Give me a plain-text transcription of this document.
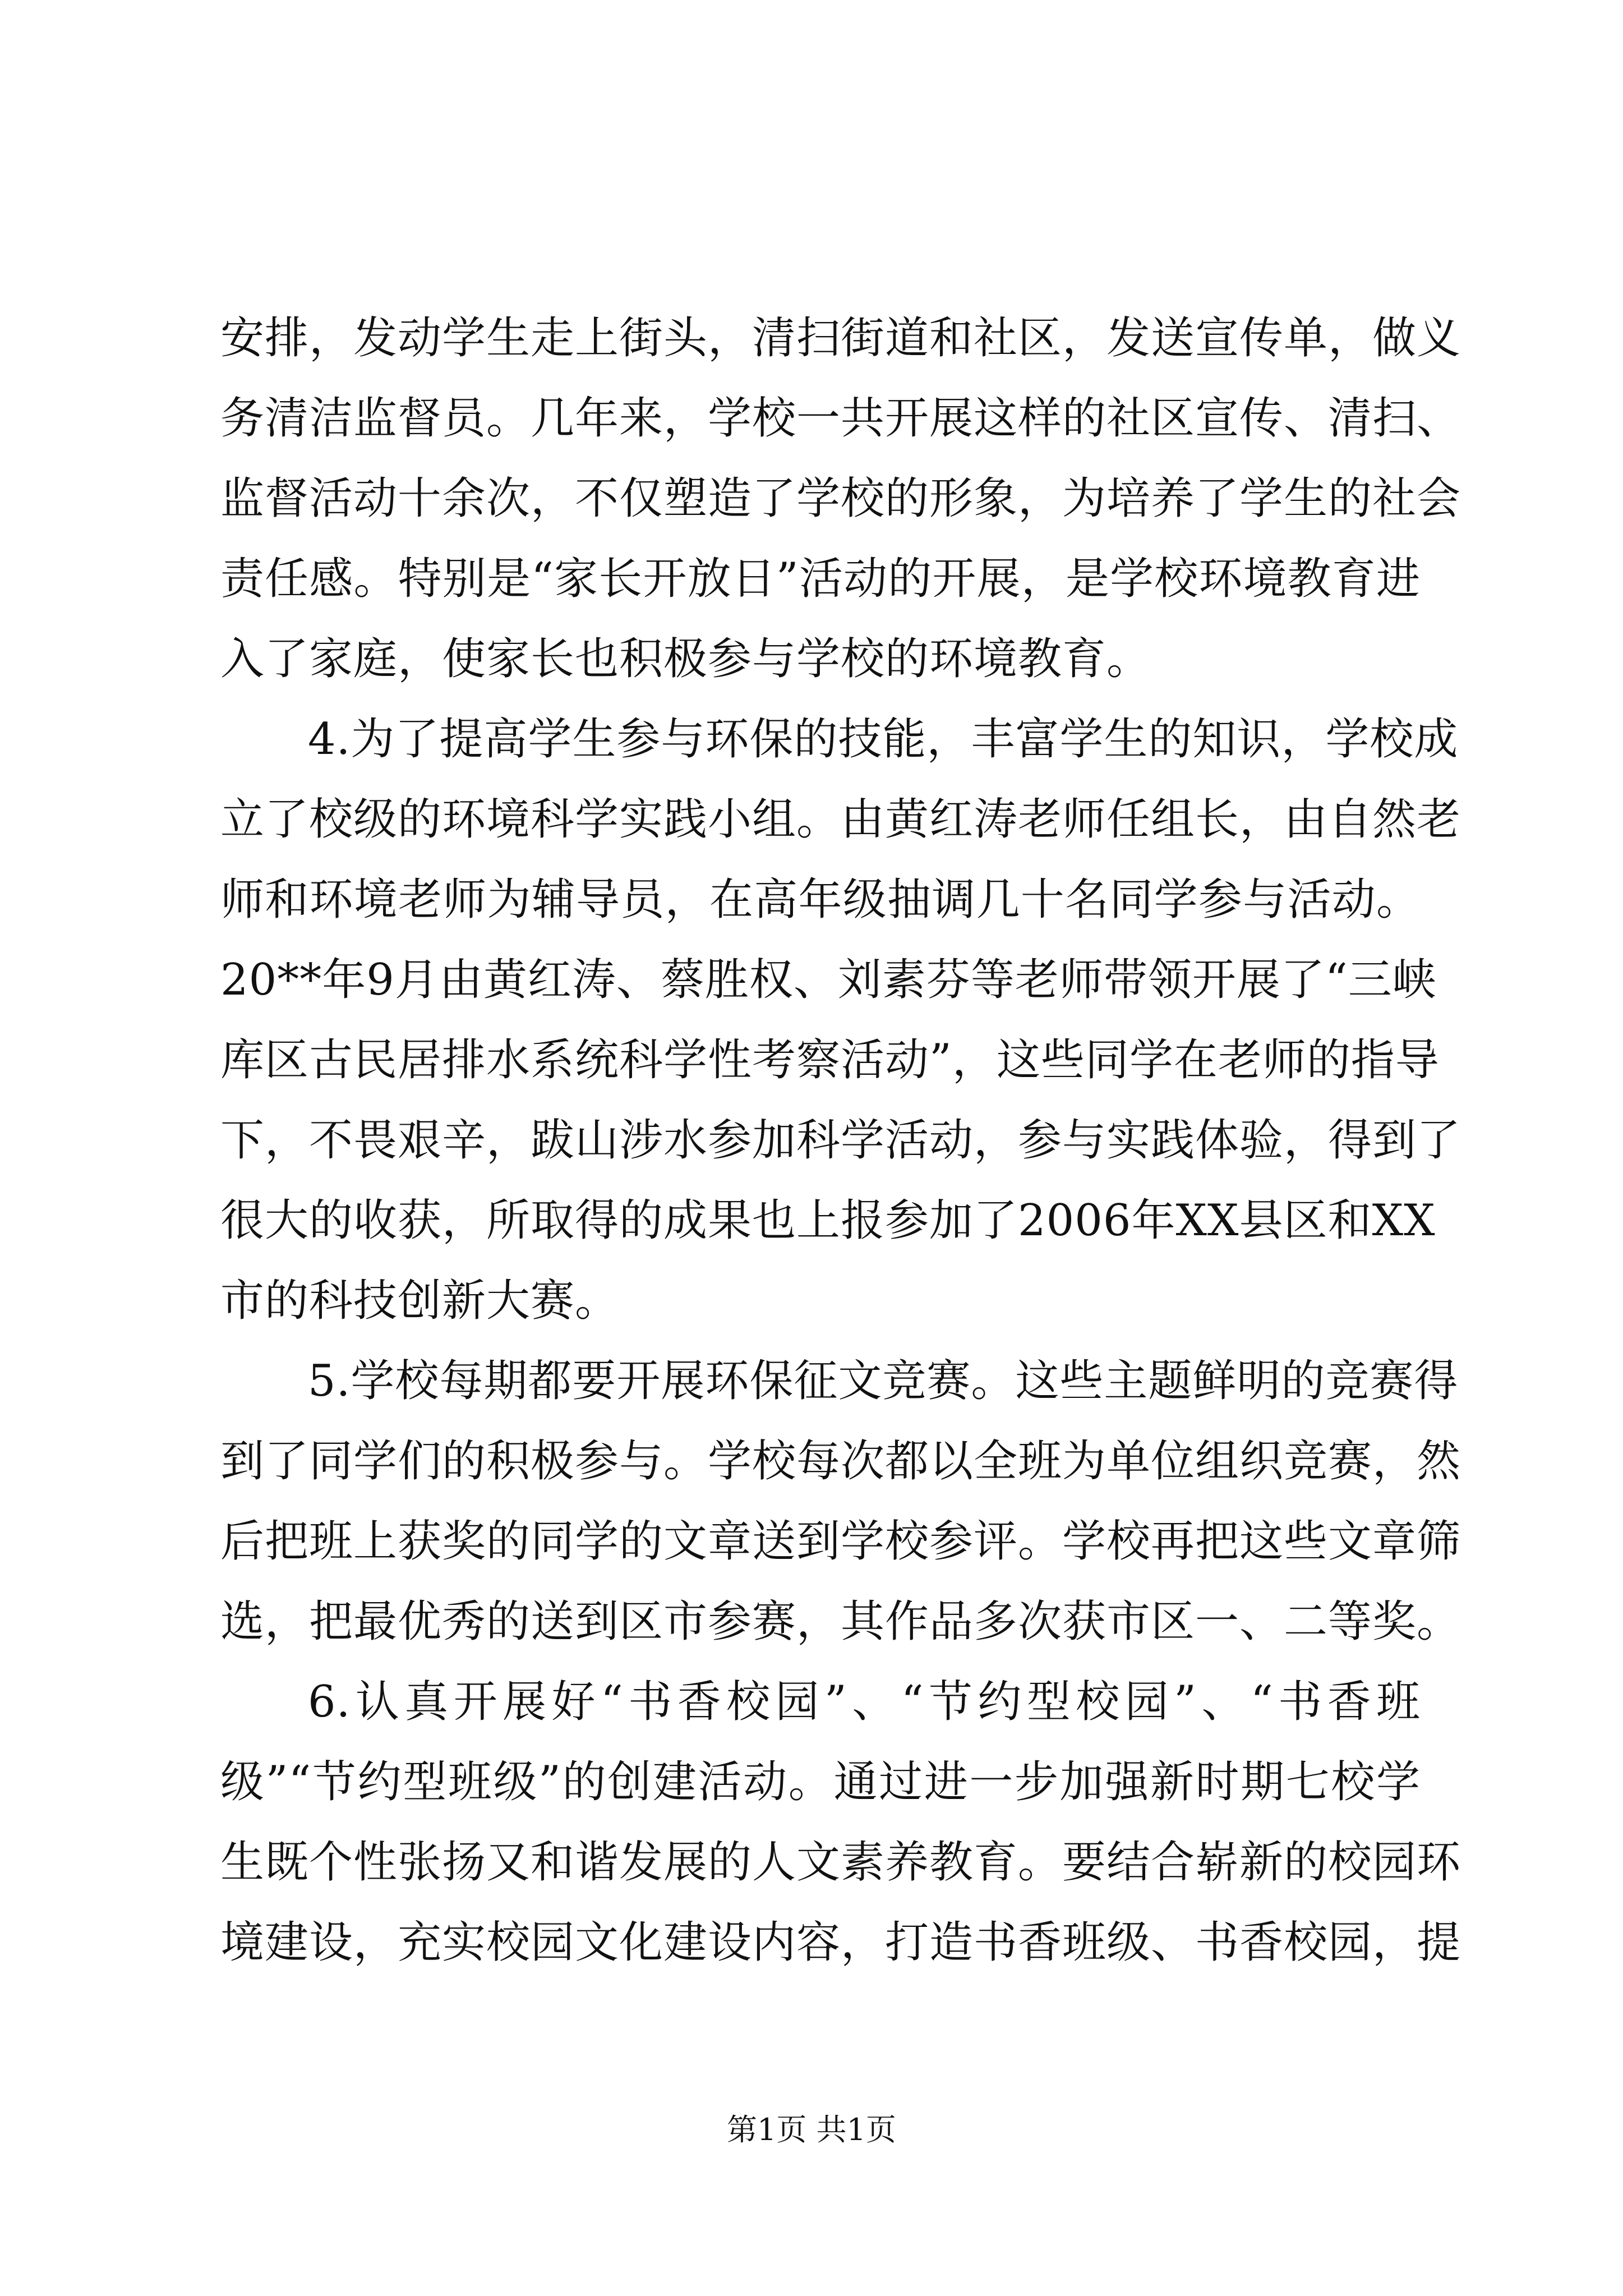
安排，发动学生走上街头，清扫街道和社区，发送宣传单，做义
务清洁监督员。几年来，学校一共开展这样的社区宣传、清扫、
监督活动十余次，不仅塑造了学校的形象，为培养了学生的社会
责任感。特别是“家长开放日”活动的开展，是学校环境教育进
入了家庭，使家长也积极参与学校的环境教育。
4.为了提高学生参与环保的技能，丰富学生的知识，学校成
立了校级的环境科学实践小组。由黄红涛老师任组长，由自然老
师和环境老师为辅导员，在高年级抽调几十名同学参与活动。
20**年9月由黄红涛、蔡胜权、刘素芬等老师带领开展了“三峡
库区古民居排水系统科学性考察活动”，这些同学在老师的指导
下，不畏艰辛，跋山涉水参加科学活动，参与实践体验，得到了
很大的收获，所取得的成果也上报参加了2006年XX县区和XX
市的科技创新大赛。
5.学校每期都要开展环保征文竞赛。这些主题鲜明的竞赛得
到了同学们的积极参与。学校每次都以全班为单位组织竞赛，然
后把班上获奖的同学的文章送到学校参评。学校再把这些文章筛
选，把最优秀的送到区市参赛，其作品多次获市区一、二等奖。
6.认真开展好“书香校园”、“节约型校园”、“书香班
级”“节约型班级”的创建活动。通过进一步加强新时期七校学
生既个性张扬又和谐发展的人文素养教育。要结合崭新的校园环
境建设，充实校园文化建设内容，打造书香班级、书香校园，提
第1页 共1页
